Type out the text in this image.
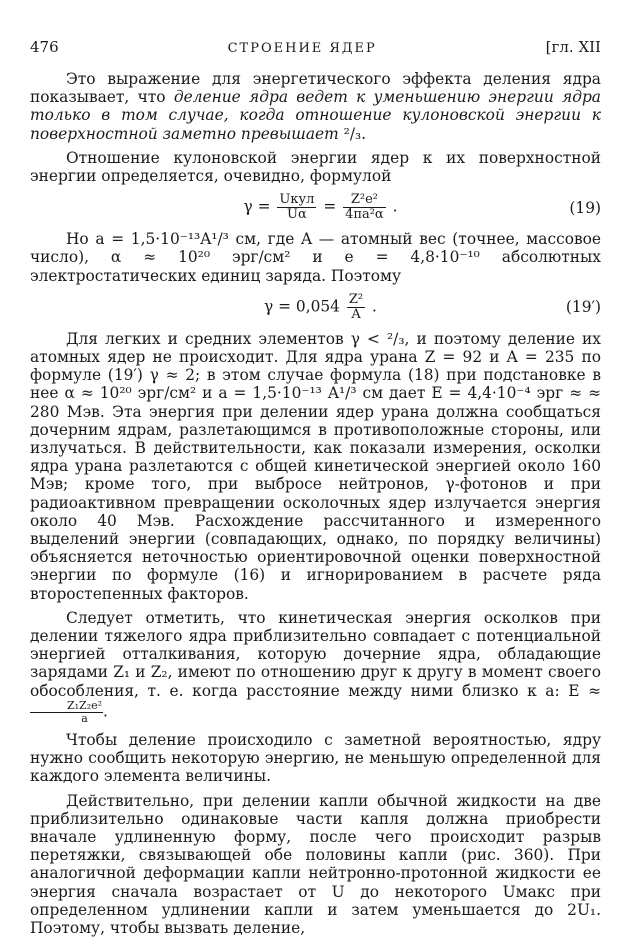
476	СТРОЕНИЕ ЯДЕР	[гл. XII

Это выражение для энергетического эффекта деления ядра показывает, что деление ядра ведет к уменьшению энергии ядра только в том случае, когда отношение кулоновской энергии к поверхностной заметно превышает ²/₃.

Отношение кулоновской энергии ядер к их поверхностной энергии определяется, очевидно, формулой

$\gamma = \frac{\text{Uкул}}{U\alpha} = \frac{\text{Z²e²}}{\text{4πa²α}}$ .	(19)

Но a = 1,5·10⁻¹³A¹/³ см, где A — атомный вес (точнее, массовое число), α ≈ 10²⁰ эрг/см² и e = 4,8·10⁻¹⁰ абсолютных электростатических единиц заряда. Поэтому

$\gamma = 0,054 \frac{\text{Z²}}{A}$ .	(19′)

Для легких и средних элементов γ < ²/₃, и поэтому деление их атомных ядер не происходит. Для ядра урана Z = 92 и A = 235 по формуле (19′) γ ≈ 2; в этом случае формула (18) при подстановке в нее α ≈ 10²⁰ эрг/см² и a = 1,5·10⁻¹³ A¹/³ см дает E = 4,4·10⁻⁴ эрг ≈ ≈ 280 Мэв. Эта энергия при делении ядер урана должна сообщаться дочерним ядрам, разлетающимся в противоположные стороны, или излучаться. В действительности, как показали измерения, осколки ядра урана разлетаются с общей кинетической энергией около 160 Мэв; кроме того, при выбросе нейтронов, γ-фотонов и при радиоактивном превращении осколочных ядер излучается энергия около 40 Мэв. Расхождение рассчитанного и измеренного выделений энергии (совпадающих, однако, по порядку величины) объясняется неточностью ориентировочной оценки поверхностной энергии по формуле (16) и игнорированием в расчете ряда второстепенных факторов.

Следует отметить, что кинетическая энергия осколков при делении тяжелого ядра приблизительно совпадает с потенциальной энергией отталкивания, которую дочерние ядра, обладающие зарядами Z₁ и Z₂, имеют по отношению друг к другу в момент своего обособления, т. е. когда расстояние между ними близко к a: E ≈
$\frac{\text{Z₁Z₂e²}}{a}$ .

Чтобы деление происходило с заметной вероятностью, ядру нужно сообщить некоторую энергию, не меньшую определенной для каждого элемента величины.

Действительно, при делении капли обычной жидкости на две приблизительно одинаковые части капля должна приобрести вначале удлиненную форму, после чего происходит разрыв перетяжки, связывающей обе половины капли (рис. 360). При аналогичной деформации капли нейтронно-протонной жидкости ее энергия сначала возрастает от U до некоторого Uмакс при определенном удлинении капли и затем уменьшается до 2U₁. Поэтому, чтобы вызвать деление,
